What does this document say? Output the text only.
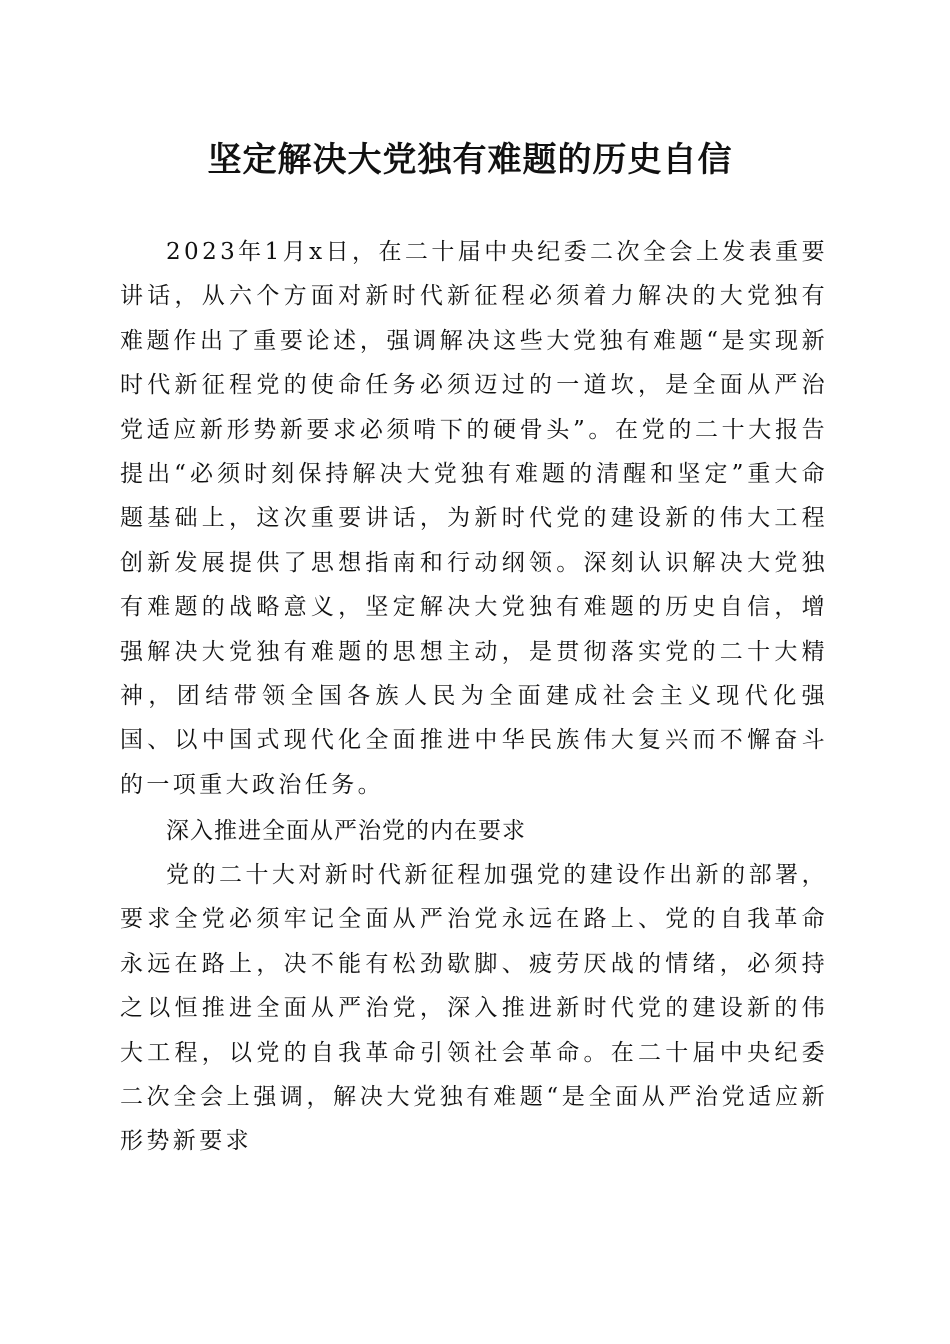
坚定解决大党独有难题的历史自信

2023年1月x日，在二十届中央纪委二次全会上发表重要讲话，从六个方面对新时代新征程必须着力解决的大党独有难题作出了重要论述，强调解决这些大党独有难题“是实现新时代新征程党的使命任务必须迈过的一道坎，是全面从严治党适应新形势新要求必须啃下的硬骨头”。在党的二十大报告提出“必须时刻保持解决大党独有难题的清醒和坚定”重大命题基础上，这次重要讲话，为新时代党的建设新的伟大工程创新发展提供了思想指南和行动纲领。深刻认识解决大党独有难题的战略意义，坚定解决大党独有难题的历史自信，增强解决大党独有难题的思想主动，是贯彻落实党的二十大精神，团结带领全国各族人民为全面建成社会主义现代化强国、以中国式现代化全面推进中华民族伟大复兴而不懈奋斗的一项重大政治任务。

深入推进全面从严治党的内在要求

党的二十大对新时代新征程加强党的建设作出新的部署，要求全党必须牢记全面从严治党永远在路上、党的自我革命永远在路上，决不能有松劲歇脚、疲劳厌战的情绪，必须持之以恒推进全面从严治党，深入推进新时代党的建设新的伟大工程，以党的自我革命引领社会革命。在二十届中央纪委二次全会上强调，解决大党独有难题“是全面从严治党适应新形势新要求
